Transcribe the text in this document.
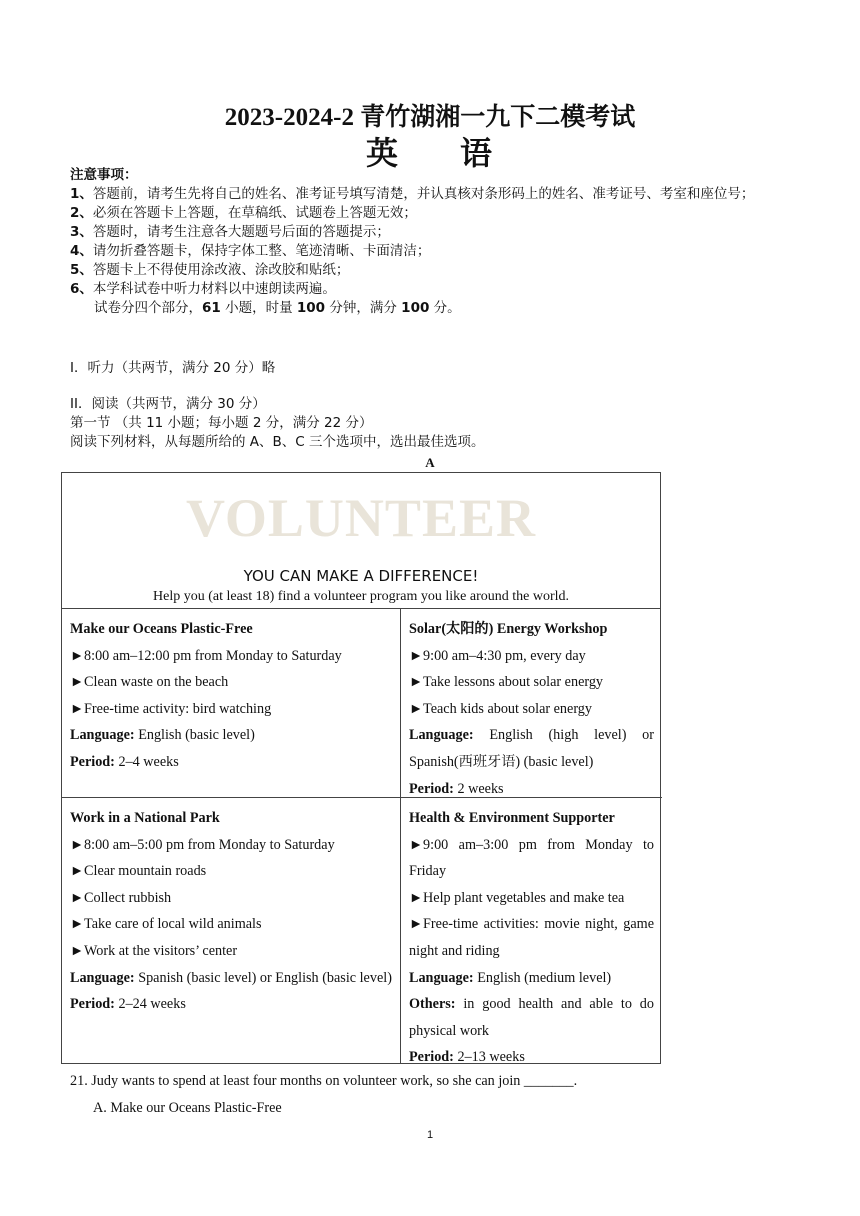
2023-2024-2 青竹湖湘一九下二模考试
英 语
注意事项：
1、答题前，请考生先将自己的姓名、准考证号填写清楚，并认真核对条形码上的姓名、准考证号、考室和座位号；
2、必须在答题卡上答题，在草稿纸、试题卷上答题无效；
3、答题时，请考生注意各大题题号后面的答题提示；
4、请勿折叠答题卡，保持字体工整、笔迹清晰、卡面清洁；
5、答题卡上不得使用涂改液、涂改胶和贴纸；
6、本学科试卷中听力材料以中速朗读两遍。
试卷分四个部分，61 小题，时量 100 分钟，满分 100 分。
I．听力（共两节，满分 20 分）略
II．阅读（共两节，满分 30 分）
第一节 （共 11 小题；每小题 2 分，满分 22 分）
阅读下列材料，从每题所给的 A、B、C 三个选项中，选出最佳选项。
A
VOLUNTEER
YOU CAN MAKE A DIFFERENCE!
Help you (at least 18) find a volunteer program you like around the world.
Make our Oceans Plastic-Free
►8:00 am–12:00 pm from Monday to Saturday
►Clean waste on the beach
►Free-time activity: bird watching
Language: English (basic level)
Period: 2–4 weeks
Solar(太阳的) Energy Workshop
►9:00 am–4:30 pm, every day
►Take lessons about solar energy
►Teach kids about solar energy
Language: English (high level) or Spanish(西班牙语) (basic level)
Period: 2 weeks
Work in a National Park
►8:00 am–5:00 pm from Monday to Saturday
►Clear mountain roads
►Collect rubbish
►Take care of local wild animals
►Work at the visitors’ center
Language: Spanish (basic level) or English (basic level)
Period: 2–24 weeks
Health & Environment Supporter
►9:00 am–3:00 pm from Monday to Friday
►Help plant vegetables and make tea
►Free-time activities: movie night, game night and riding
Language: English (medium level)
Others: in good health and able to do physical work
Period: 2–13 weeks
21. Judy wants to spend at least four months on volunteer work, so she can join _______.
A. Make our Oceans Plastic-Free
1
